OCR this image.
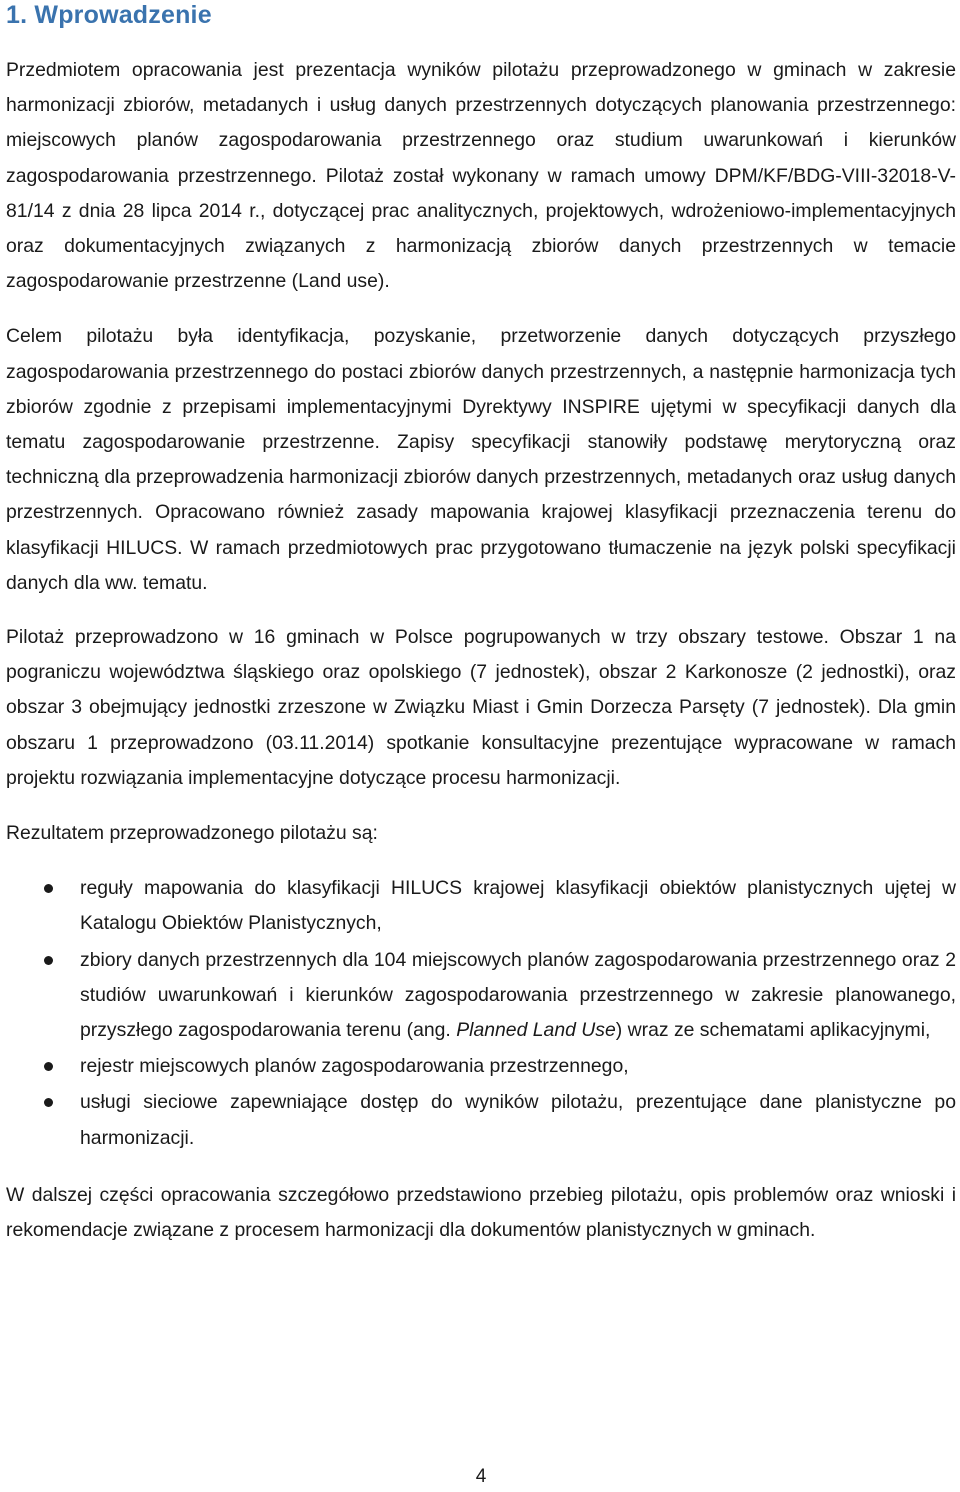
1. Wprowadzenie

Przedmiotem opracowania jest prezentacja wyników pilotażu przeprowadzonego w gminach w zakresie harmonizacji zbiorów, metadanych i usług danych przestrzennych dotyczących planowania przestrzennego: miejscowych planów zagospodarowania przestrzennego oraz studium uwarunkowań i kierunków zagospodarowania przestrzennego. Pilotaż został wykonany w ramach umowy DPM/KF/BDG-VIII-32018-V-81/14 z dnia 28 lipca 2014 r., dotyczącej prac analitycznych, projektowych, wdrożeniowo-implementacyjnych oraz dokumentacyjnych związanych z harmonizacją zbiorów danych przestrzennych w temacie zagospodarowanie przestrzenne (Land use).

Celem pilotażu była identyfikacja, pozyskanie, przetworzenie danych dotyczących przyszłego zagospodarowania przestrzennego do postaci zbiorów danych przestrzennych, a następnie harmonizacja tych zbiorów zgodnie z przepisami implementacyjnymi Dyrektywy INSPIRE ujętymi w specyfikacji danych dla tematu zagospodarowanie przestrzenne. Zapisy specyfikacji stanowiły podstawę merytoryczną oraz techniczną dla przeprowadzenia harmonizacji zbiorów danych przestrzennych, metadanych oraz usług danych przestrzennych. Opracowano również zasady mapowania krajowej klasyfikacji przeznaczenia terenu do klasyfikacji HILUCS. W ramach przedmiotowych prac przygotowano tłumaczenie na język polski specyfikacji danych dla ww. tematu.

Pilotaż przeprowadzono w 16 gminach w Polsce pogrupowanych w trzy obszary testowe. Obszar 1 na pograniczu województwa śląskiego oraz opolskiego (7 jednostek), obszar 2 Karkonosze (2 jednostki), oraz obszar 3 obejmujący jednostki zrzeszone w Związku Miast i Gmin Dorzecza Parsęty (7 jednostek). Dla gmin obszaru 1 przeprowadzono (03.11.2014) spotkanie konsultacyjne prezentujące wypracowane w ramach projektu rozwiązania implementacyjne dotyczące procesu harmonizacji.

Rezultatem przeprowadzonego pilotażu są:

reguły mapowania do klasyfikacji HILUCS krajowej klasyfikacji obiektów planistycznych ujętej w Katalogu Obiektów Planistycznych,
zbiory danych przestrzennych dla 104 miejscowych planów zagospodarowania przestrzennego oraz 2 studiów uwarunkowań i kierunków zagospodarowania przestrzennego w zakresie planowanego, przyszłego zagospodarowania terenu (ang. Planned Land Use) wraz ze schematami aplikacyjnymi,
rejestr miejscowych planów zagospodarowania przestrzennego,
usługi sieciowe zapewniające dostęp do wyników pilotażu, prezentujące dane planistyczne po harmonizacji.

W dalszej części opracowania szczegółowo przedstawiono przebieg pilotażu, opis problemów oraz wnioski i rekomendacje związane z procesem harmonizacji dla dokumentów planistycznych w gminach.

4
